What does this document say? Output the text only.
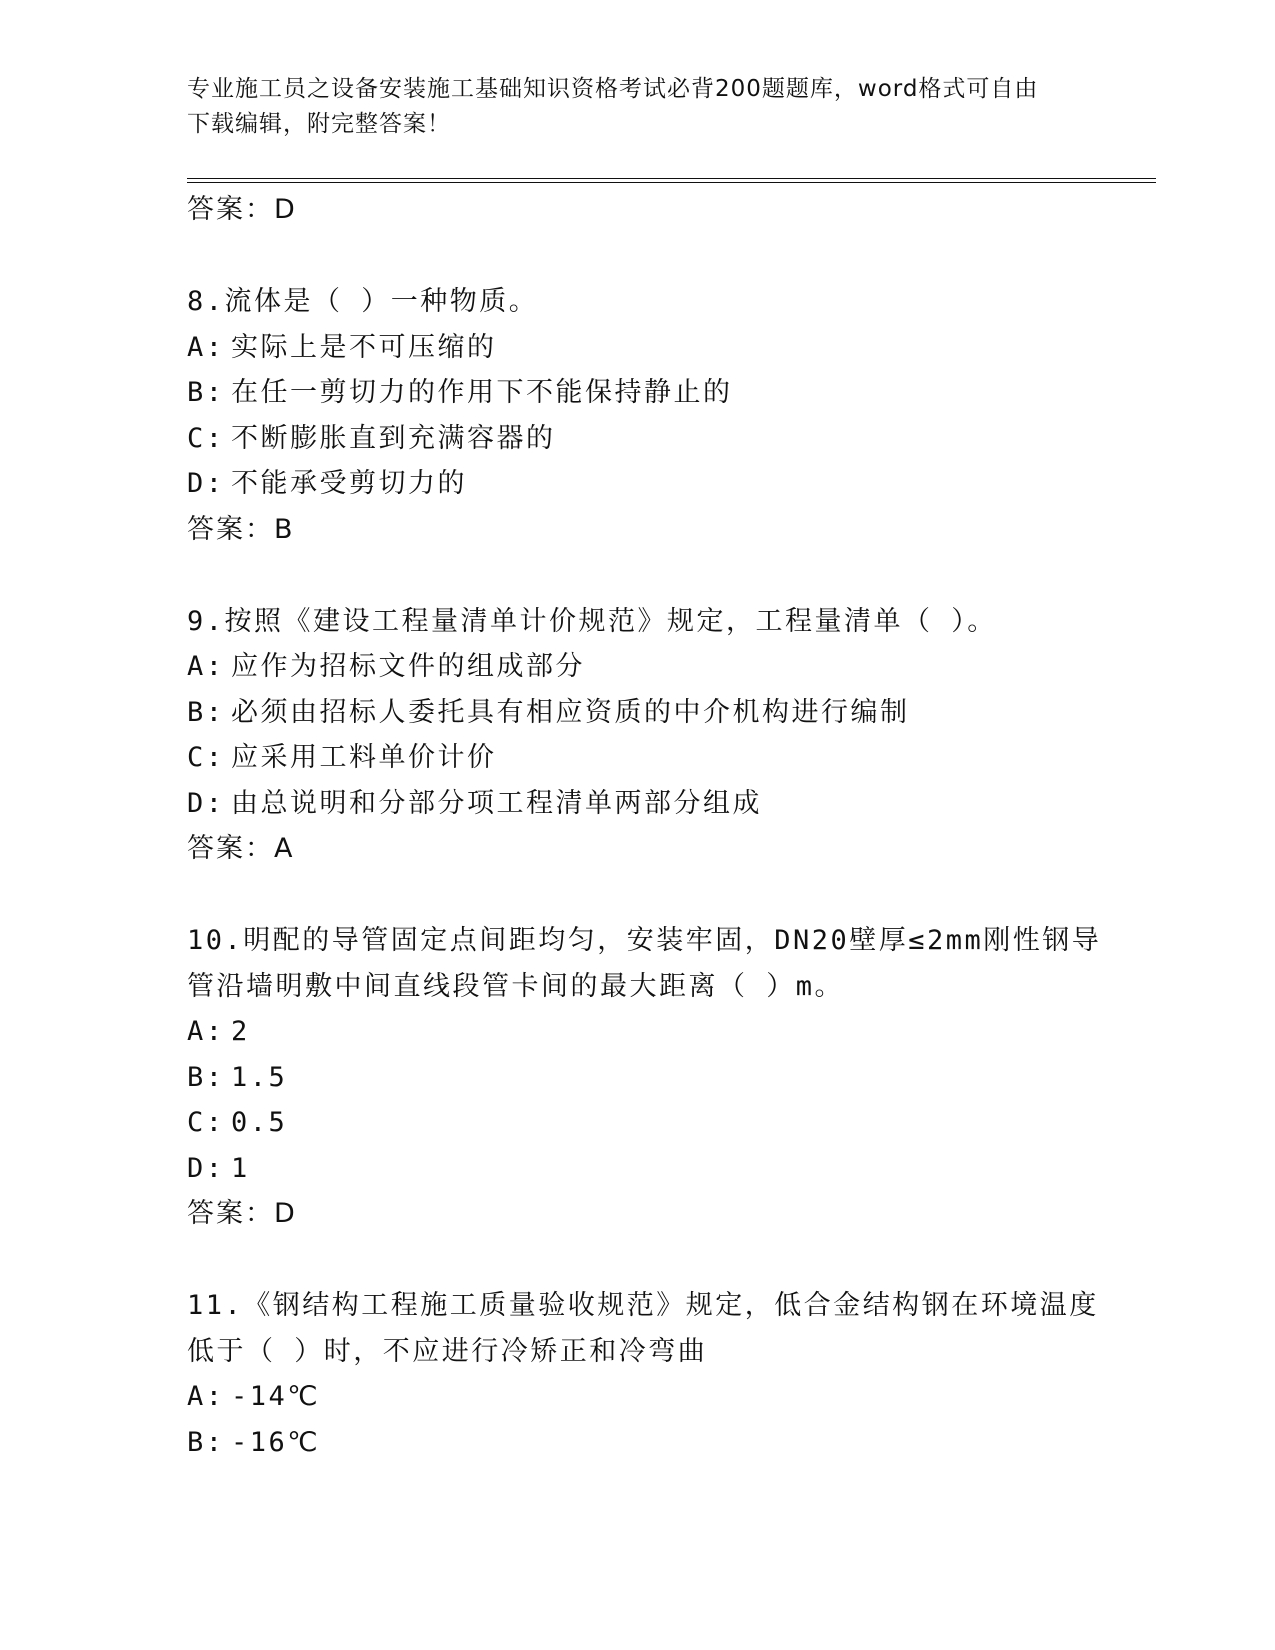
专业施工员之设备安装施工基础知识资格考试必背200题题库，word格式可自由
下载编辑，附完整答案！
答案：D
8.流体是（ ）一种物质。
A: 实际上是不可压缩的
B: 在任一剪切力的作用下不能保持静止的
C: 不断膨胀直到充满容器的
D: 不能承受剪切力的
答案：B
9.按照《建设工程量清单计价规范》规定，工程量清单（ ）。
A: 应作为招标文件的组成部分
B: 必须由招标人委托具有相应资质的中介机构进行编制
C: 应采用工料单价计价
D: 由总说明和分部分项工程清单两部分组成
答案：A
10.明配的导管固定点间距均匀，安装牢固，DN20壁厚≤2mm刚性钢导
管沿墙明敷中间直线段管卡间的最大距离（ ）m。
A: 2
B: 1.5
C: 0.5
D: 1
答案：D
11.《钢结构工程施工质量验收规范》规定，低合金结构钢在环境温度
低于（ ）时，不应进行冷矫正和冷弯曲
A: -14℃
B: -16℃
